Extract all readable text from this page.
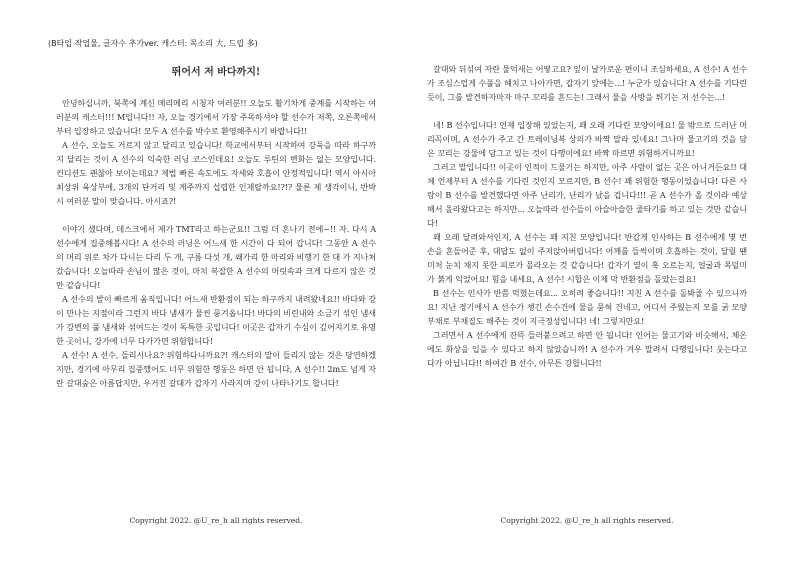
(B타입 작업물, 글자수 추가ver. 캐스터: 목소리 大, 드립 多)
뛰어서 저 바다까지!

안녕하십니까, 북쪽에 계신 메리메리 시청자 여러분!! 오늘도 활기차게 중계를 시작하는 여러분의 캐스터!!! M입니다!! 자, 오늘 경기에서 가장 주목하셔야 할 선수가 저쪽, 오른쪽에서부터 입장하고 있습니다! 모두 A 선수를 박수로 환영해주시기 바랍니다!!

A 선수, 오늘도 거르지 않고 달리고 있습니다! 학교에서부터 시작하여 강둑을 따라 하구까지 달리는 것이 A 선수의 익숙한 러닝 코스인데요! 오늘도 루틴의 변화는 없는 모양입니다. 컨디션도 괜찮아 보이는데요? 제법 빠른 속도에도 자세와 호흡이 안정적입니다! 역시 아시아 최상위 육상부에, 3개의 단거리 및 계주까지 섭렵한 인재랄까요!?!? 물론 제 생각이니, 반박 시 여러분 말이 맞습니다. 아시죠?!

이야기 샜다며, 데스크에서 제가 TMT라고 하는군요!! 그럼 더 혼나기 전에~!! 자. 다시 A 선수에게 집중해봅시다! A 선수의 러닝은 어느새 한 시간이 다 되어 갑니다! 그동안 A 선수의 머리 위로 차가 다니는 다리 두 개, 구름 다섯 개, 왜가리 한 마리와 비행기 한 대 가 지나쳐갔습니다! 오늘따라 손님이 많은 것이, 마치 복잡한 A 선수의 머릿속과 크게 다르지 않은 것만 같습니다!

A 선수의 발이 빠르게 움직입니다! 어느새 반환점이 되는 하구까지 내려왔네요!! 바다와 강이 만나는 지점이라 그런지 바다 냄새가 물씬 풍겨옵니다! 바다의 비린내와 소금기 섞인 냄새가 강변의 풀 냄새와 섞여드는 것이 독특한 곳입니다! 이곳은 갑자기 수심이 깊어지기로 유명한 곳이니, 강가에 너무 다가가면 위험합니다!

A 선수! A 선수, 들리시나요? 위험하다니까요?! 캐스터의 말이 들리지 않는 것은 당연하겠지만, 경기에 아무리 집중했어도 너무 위험한 행동은 하면 안 됩니다, A 선수!! 2m도 넘게 자란 갈대숲은 아름답지만, 우거진 갈대가 갑자기 사라지며 강이 나타나기도 합니다!

Copyright 2022. @U_re_h all rights reserved.

갈대와 뒤섞여 자란 물억새는 어떻고요? 잎이 날카로운 편이니 조심하세요, A 선수! A 선수가 조심스럽게 수풀을 헤치고 나아가면, 갑자기 앞에는...! 누군가 있습니다! A 선수를 기다린 듯이, 그를 발견하자마자 마구 꼬리를 흔드는! 그래서 물을 사방을 튀기는 저 선수는...!

네! B 선수입니다! 언제 입장해 있었는지, 꽤 오래 기다린 모양이에요! 물 밖으로 드러난 머리꼭이며, A 선수가 주고 간 트레이닝복 상의가 바짝 말라 있네요! 그나마 물고기의 것을 담은 꼬리는 강물에 담그고 있는 것이 다행이에요! 바짝 마르면 위험하거니까요!

그러고 말입니다!! 이곳이 인적이 드물기는 하지만, 아주 사람이 없는 곳은 아니거든요!! 대체 언제부터 A 선수를 기다린 것인지 모르지만, B 선수! 꽤 위험한 행동이었습니다! 다른 사람이 B 선수를 발견했다면 아주 난리가, 난리가 났을 겁니다!!! 곧 A 선수가 올 것이라 예상해서 올라왔다고는 하지만... 오늘따라 선수들이 아슬아슬한 줄타기를 하고 있는 것만 같습니다!

꽤 오래 달려와서인지, A 선수는 꽤 지친 모양입니다! 반갑게 인사하는 B 선수에게 몇 번 손을 흔들어준 후, 대답도 없이 주저앉아버립니다! 어깨를 들썩이며 호흡하는 것이, 달릴 땐 미처 눈치 채지 못한 피로가 몰라오는 것 같습니다! 갑자기 열이 훅 오르는지, 얼굴과 목덜미가 붉게 익었어요! 힘을 내세요, A 선수! 시합은 이제 막 반환점을 돌았는걸요!

B 선수는 인사가 반쯤 먹혔는데요... 오히려 좋습니다!! 지친 A 선수를 돌봐줄 수 있으니까요! 지난 경기에서 A 선수가 챙긴 손수건에 물을 묻혀 건네고, 어디서 주웠는지 모를 굵 모양 부채로 부채질도 해주는 것이 지극정성입니다! 네! 그렇지만요!

그러면서 A 선수에게 잔뜩 들러붙으려고 하면 안 됩니다! 인어는 물고기와 비슷해서, 체온에도 화상을 입을 수 있다고 하지 않았습니까! A 선수가 겨우 말려서 다행입니다! 웃는다고 다가 아닙니다!! 하여간 B 선수, 아무튼 강합니다!!

Copyright 2022. @U_re_h all rights reserved.
